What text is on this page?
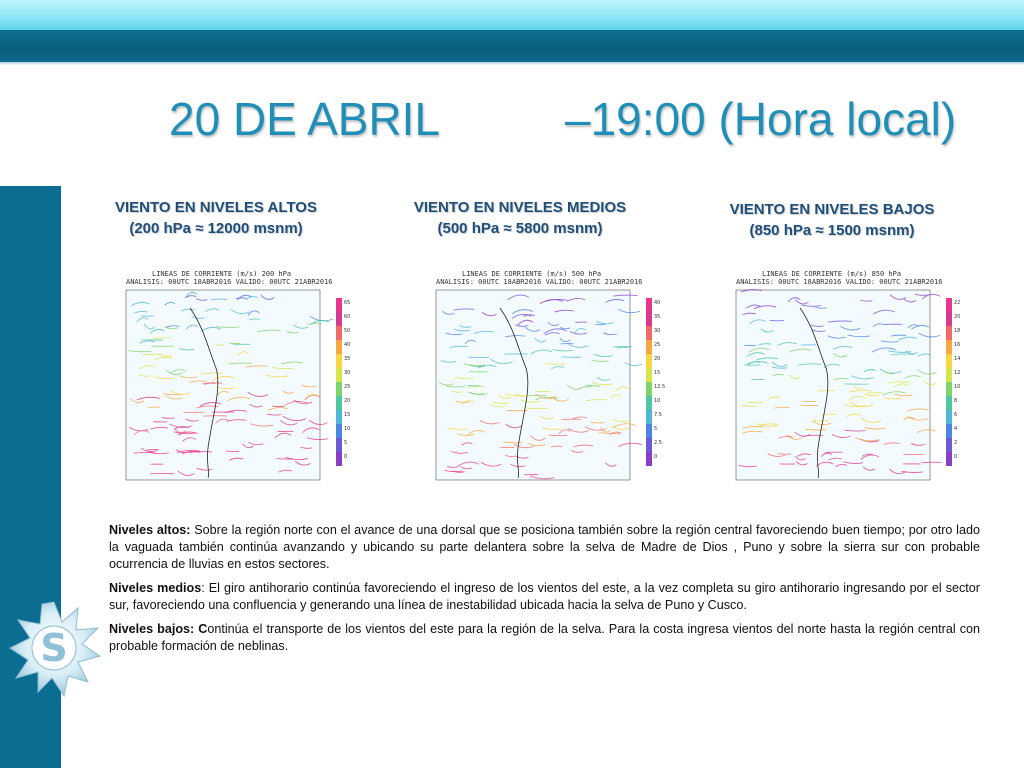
20 DE ABRIL	–19:00 (Hora local)
VIENTO EN NIVELES ALTOS
(200 hPa ≈ 12000 msnm)
VIENTO EN NIVELES MEDIOS
(500 hPa ≈ 5800 msnm)
VIENTO EN NIVELES BAJOS
(850 hPa ≈ 1500 msnm)
65
60
50
40
35
30
25
20
15
10
5
0
LINEAS DE CORRIENTE (m/s) 200 hPa
ANALISIS: 00UTC 18ABR2016 VALIDO: 00UTC 21ABR2016
40
35
30
25
20
15
12.5
10
7.5
5
2.5
0
LINEAS DE CORRIENTE (m/s) 500 hPa
ANALISIS: 00UTC 18ABR2016 VALIDO: 00UTC 21ABR2016
22
20
18
16
14
12
10
8
6
4
2
0
LINEAS DE CORRIENTE (m/s) 850 hPa
ANALISIS: 00UTC 18ABR2016 VALIDO: 00UTC 21ABR2016

Niveles altos: Sobre la región norte con el avance de una dorsal que se posiciona también sobre la región central favoreciendo buen tiempo; por otro lado la vaguada también continúa avanzando y ubicando su parte delantera sobre la selva de Madre de Dios , Puno y sobre la sierra sur con probable ocurrencia de lluvias en estos sectores.

Niveles medios: El giro antihorario continúa favoreciendo el ingreso de los vientos del este, a la vez completa su giro antihorario ingresando por el sector sur, favoreciendo una confluencia y generando una línea de inestabilidad ubicada hacia la selva de Puno y Cusco.

Niveles bajos: Continúa el transporte de los vientos del este para la región de la selva. Para la costa ingresa vientos del norte hasta la región central con probable formación de neblinas.

S
